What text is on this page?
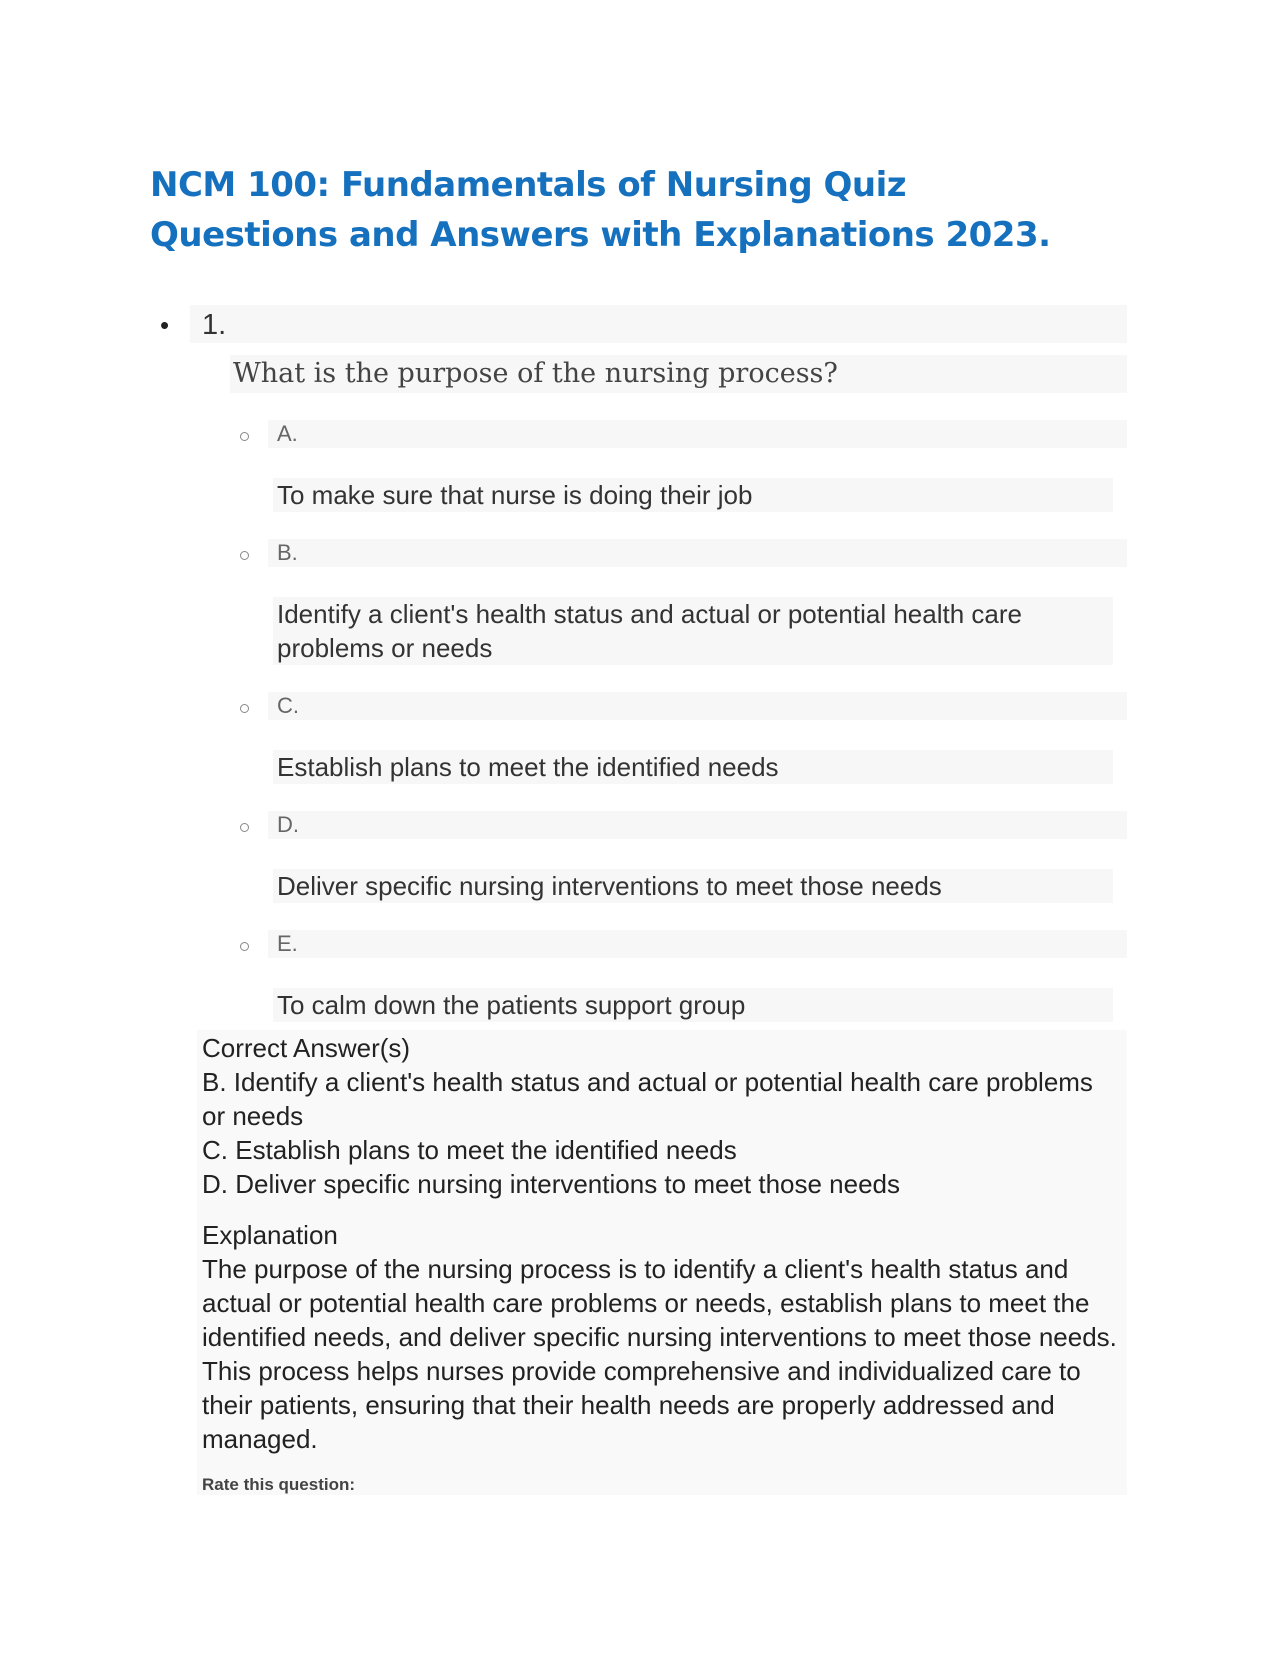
NCM 100: Fundamentals of Nursing Quiz Questions and Answers with Explanations 2023.
• 1.
What is the purpose of the nursing process?
A.
To make sure that nurse is doing their job
B.
Identify a client's health status and actual or potential health care problems or needs
C.
Establish plans to meet the identified needs
D.
Deliver specific nursing interventions to meet those needs
E.
To calm down the patients support group
Correct Answer(s)
B. Identify a client's health status and actual or potential health care problems or needs
C. Establish plans to meet the identified needs
D. Deliver specific nursing interventions to meet those needs
Explanation
The purpose of the nursing process is to identify a client's health status and actual or potential health care problems or needs, establish plans to meet the identified needs, and deliver specific nursing interventions to meet those needs. This process helps nurses provide comprehensive and individualized care to their patients, ensuring that their health needs are properly addressed and managed.
Rate this question:
